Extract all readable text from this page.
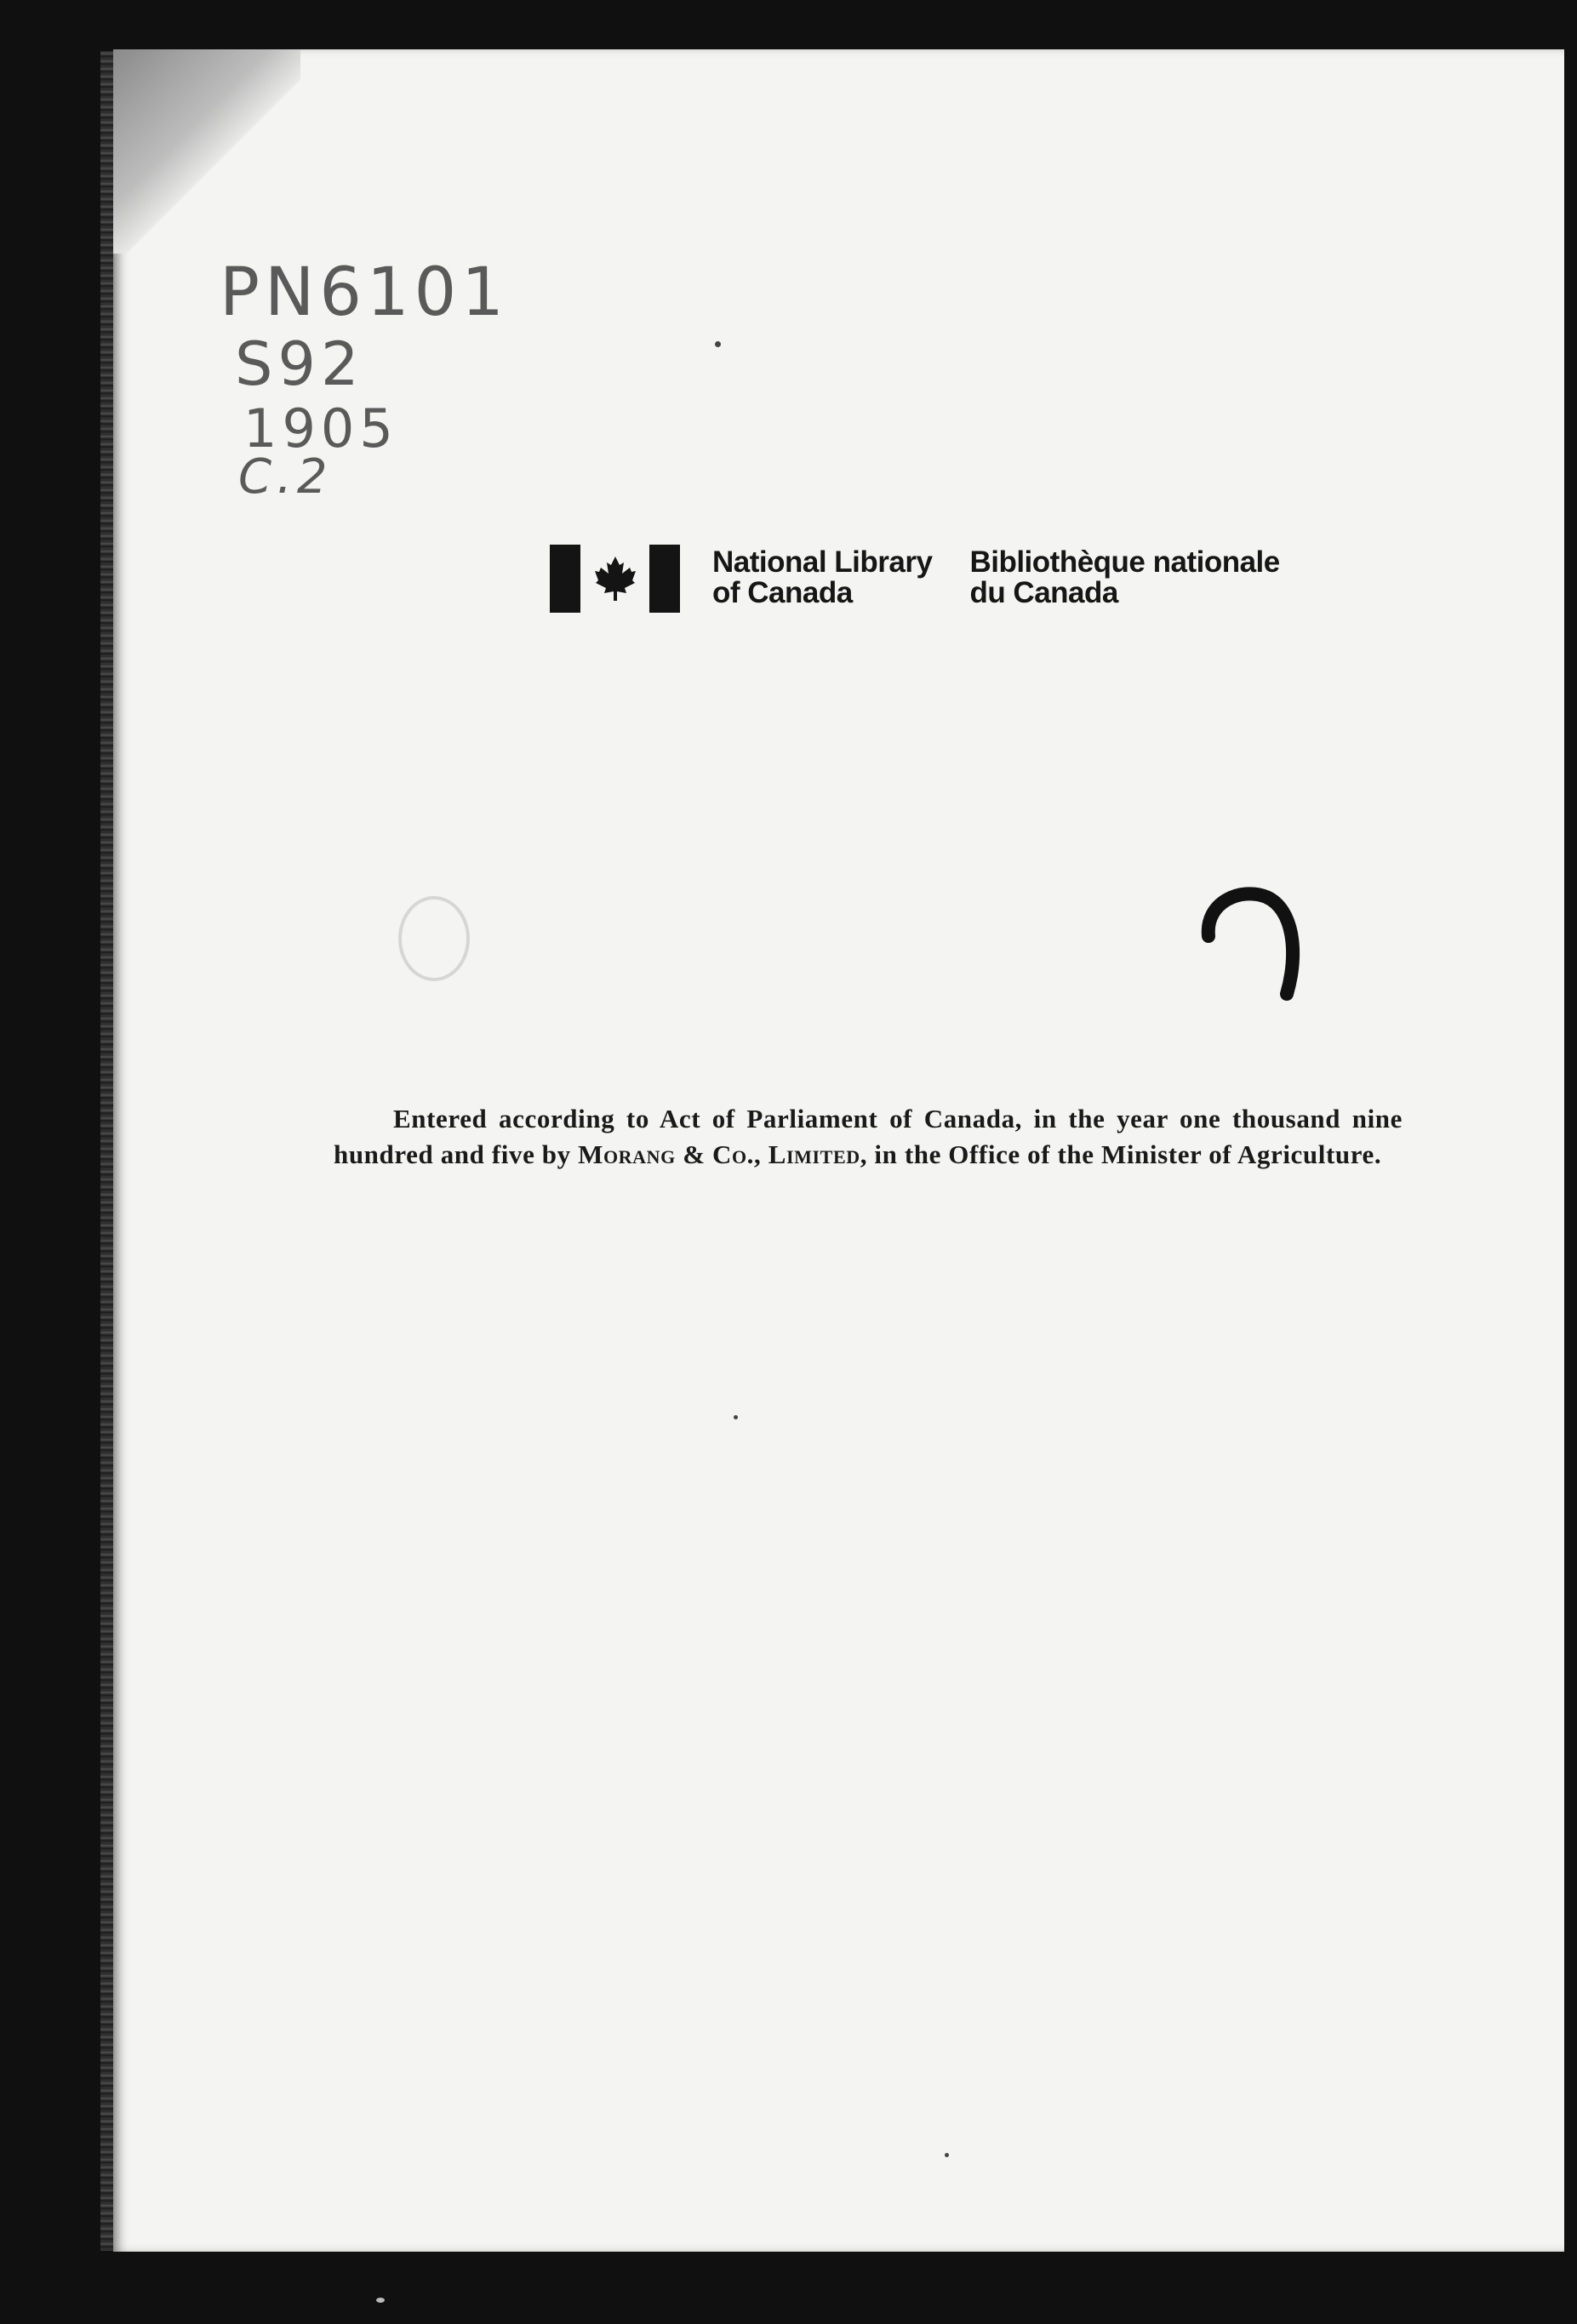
PN6101
S92
1905
C.2
National Library
of Canada
Bibliothèque nationale
du Canada

Entered according to Act of Parliament of Canada, in the year one thousand nine hundred and five by Morang & Co., Limited, in the Office of the Minister of Agriculture.
